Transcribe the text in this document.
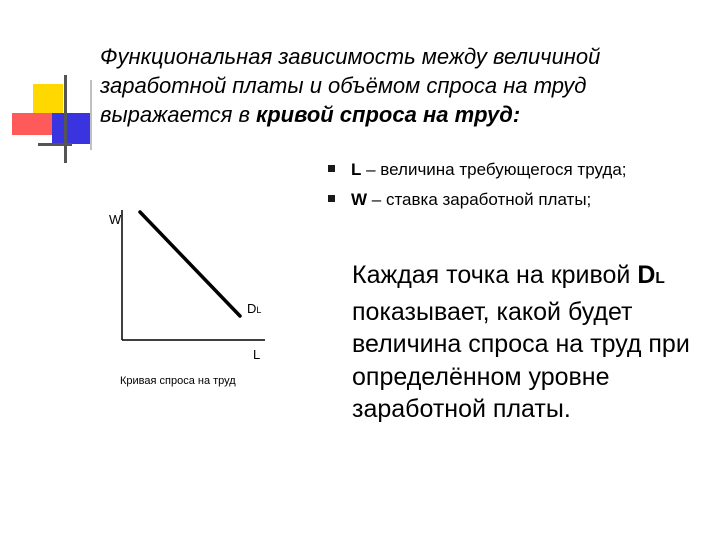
Функциональная зависимость между величиной заработной платы и объёмом спроса на труд выражается в кривой спроса на труд:
L – величина требующегося труда;
W – ставка заработной платы;
Каждая точка на кривой DL показывает, какой будет величина спроса на труд при определённом уровне заработной платы.
W
L
DL
Кривая спроса на труд
